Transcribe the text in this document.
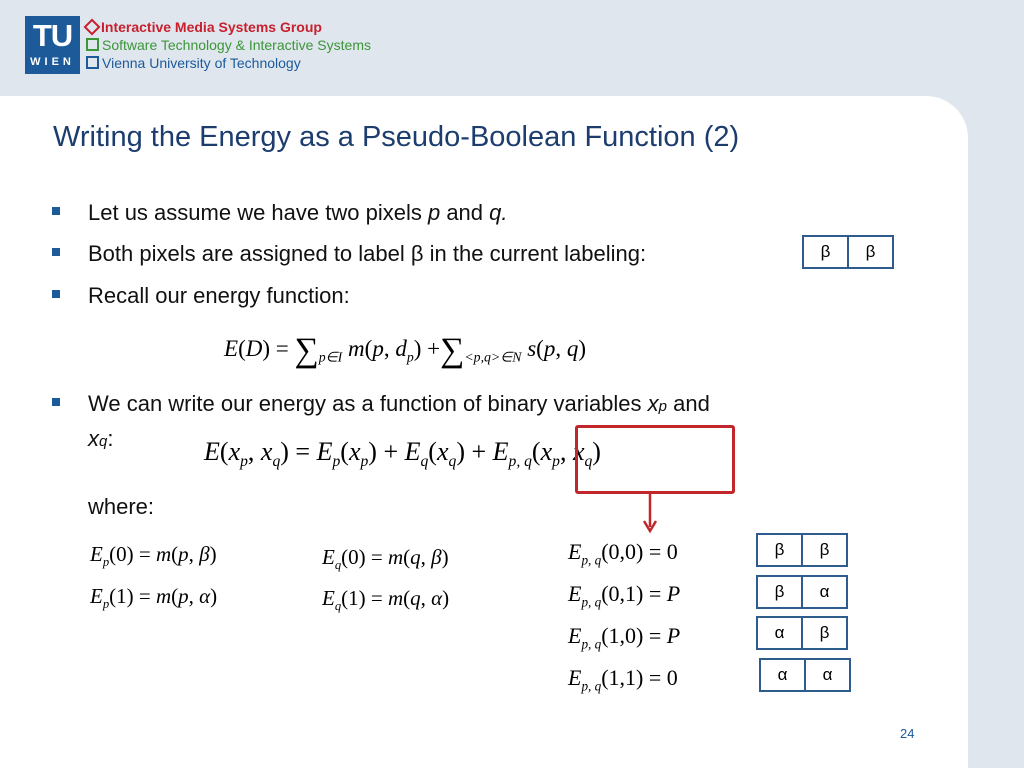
TU
WIEN
Interactive Media Systems Group
Software Technology & Interactive Systems
Vienna University of Technology
Writing the Energy as a Pseudo-Boolean Function (2)
Let us assume we have two pixels p and q.
Both pixels are assigned to label β in the current labeling:	β	β
Recall our energy function:
$E(D) = \sum_{p\in I}$ m(p, $d_p) +\sum_{<p,q>\in N}$ s(p, q)
We can write our energy as a function of binary variables xp and
xq:	$E(x_p$, $x_q) = E_p(x_p) + E_q(x_q) + E_{p, q}(x_p$, $x_q$)
where:
$E_p(0) = m(p$, β)
$E_p(1) = m(p$, α)
$E_q(0) = m(q$, β)
$E_q(1) = m(q$, α)
$E_{p, q}(0,0) = 0$
$E_{p, q}(0,1) = P$
$E_{p, q}(1,0) = P$
$E_{p, q}(1,1) = 0$
β	β
β	α
α	β
α	α
24
